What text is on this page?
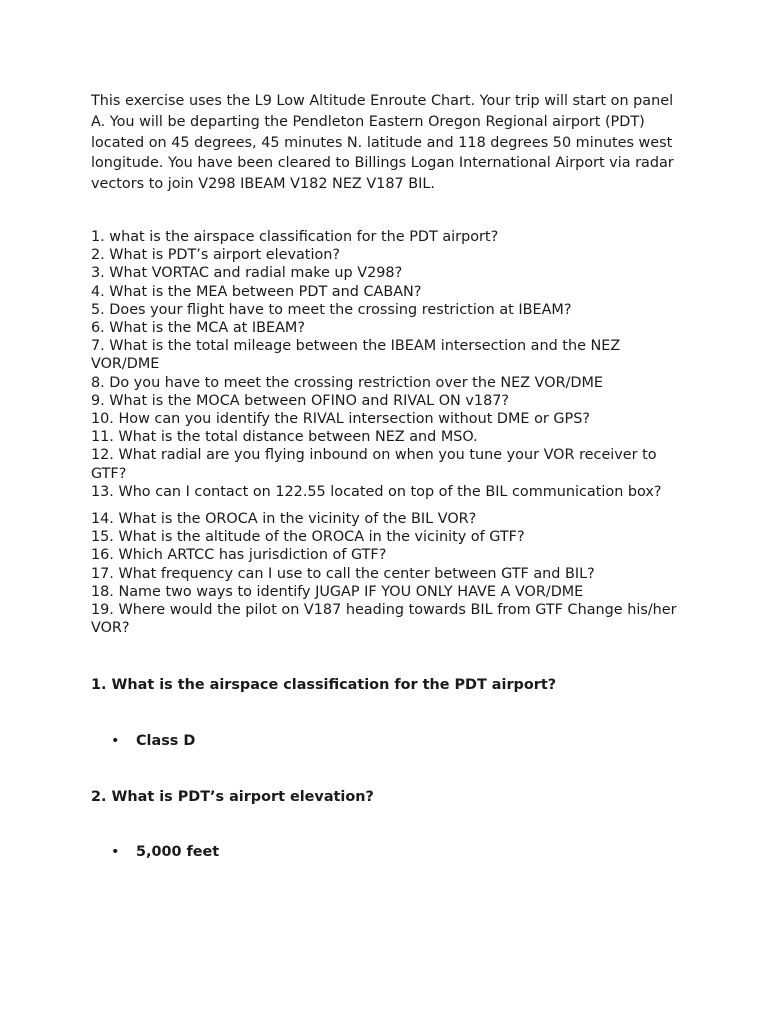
This exercise uses the L9 Low Altitude Enroute Chart. Your trip will start on panel A. You will be departing the Pendleton Eastern Oregon Regional airport (PDT) located on 45 degrees, 45 minutes N. latitude and 118 degrees 50 minutes west longitude. You have been cleared to Billings Logan International Airport via radar vectors to join V298 IBEAM V182 NEZ V187 BIL.

1. what is the airspace classification for the PDT airport?
2. What is PDT’s airport elevation?
3. What VORTAC and radial make up V298?
4. What is the MEA between PDT and CABAN?
5. Does your flight have to meet the crossing restriction at IBEAM?
6. What is the MCA at IBEAM?
7. What is the total mileage between the IBEAM intersection and the NEZ VOR/DME
8. Do you have to meet the crossing restriction over the NEZ VOR/DME
9. What is the MOCA between OFINO and RIVAL ON v187?
10. How can you identify the RIVAL intersection without DME or GPS?
11. What is the total distance between NEZ and MSO.
12. What radial are you flying inbound on when you tune your VOR receiver to GTF?
13. Who can I contact on 122.55 located on top of the BIL communication box?
14. What is the OROCA in the vicinity of the BIL VOR?
15. What is the altitude of the OROCA in the vicinity of GTF?
16. Which ARTCC has jurisdiction of GTF?
17. What frequency can I use to call the center between GTF and BIL?
18. Name two ways to identify JUGAP IF YOU ONLY HAVE A VOR/DME
19. Where would the pilot on V187 heading towards BIL from GTF Change his/her VOR?

1. What is the airspace classification for the PDT airport?

• Class D

2. What is PDT’s airport elevation?

• 5,000 feet
